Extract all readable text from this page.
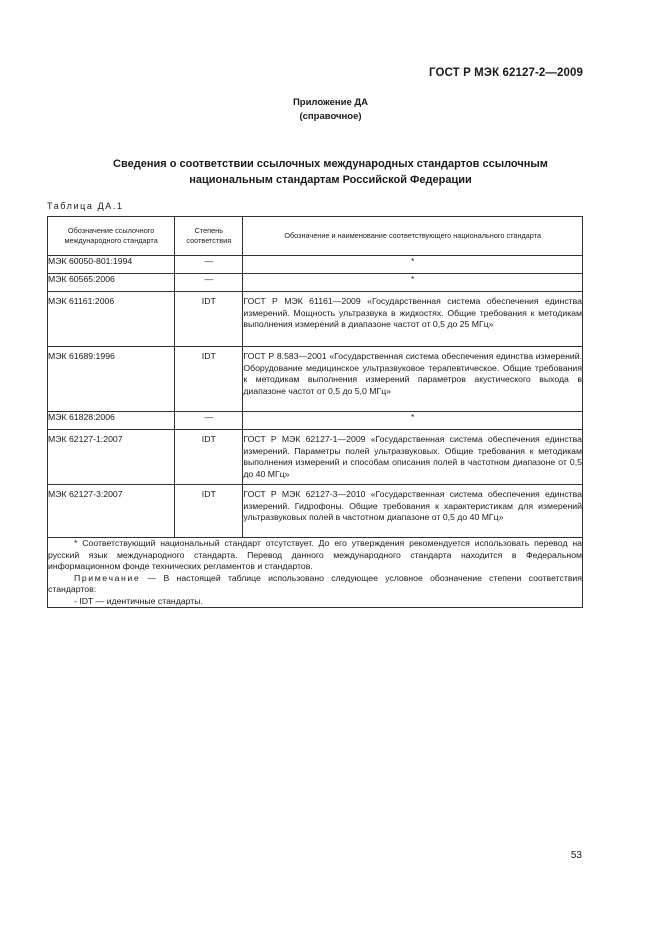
ГОСТ Р МЭК 62127-2—2009
Приложение ДА
(справочное)
Сведения о соответствии ссылочных международных стандартов ссылочным
национальным стандартам Российской Федерации
Таблица ДА.1
Обозначение ссылочного международного стандарта	Степень соответствия	Обозначение и наименование соответствующего национального стандарта
МЭК 60050-801:1994	—	*
МЭК 60565:2006	—	*
МЭК 61161:2006	IDT	ГОСТ Р МЭК 61161—2009 «Государственная система обеспечения единства измерений. Мощность ультразвука в жидкостях. Общие требования к методикам выполнения измерений в диапазоне частот от 0,5 до 25 МГц»
МЭК 61689:1996	IDT	ГОСТ Р 8.583—2001 «Государственная система обеспечения единства измерений. Оборудование медицинское ультразвуковое терапевтическое. Общие требования к методикам выполнения измерений параметров акустического выхода в диапазоне частот от 0,5 до 5,0 МГц»
МЭК 61828:2006	—	*
МЭК 62127-1:2007	IDT	ГОСТ Р МЭК 62127-1—2009 «Государственная система обеспечения единства измерений. Параметры полей ультразвуковых. Общие требования к методикам выполнения измерений и способам описания полей в частотном диапазоне от 0,5 до 40 МГц»
МЭК 62127-3:2007	IDT	ГОСТ Р МЭК 62127-3—2010 «Государственная система обеспечения единства измерений. Гидрофоны. Общие требования к характеристикам для измерений ультразвуковых полей в частотном диапазоне от 0,5 до 40 МГц»

* Соответствующий национальный стандарт отсутствует. До его утверждения рекомендуется использовать перевод на русский язык международного стандарта. Перевод данного международного стандарта находится в Федеральном информационном фонде технических регламентов и стандартов.

Примечание — В настоящей таблице использовано следующее условное обозначение степени соответствия стандартов:

- IDT — идентичные стандарты.		

53
